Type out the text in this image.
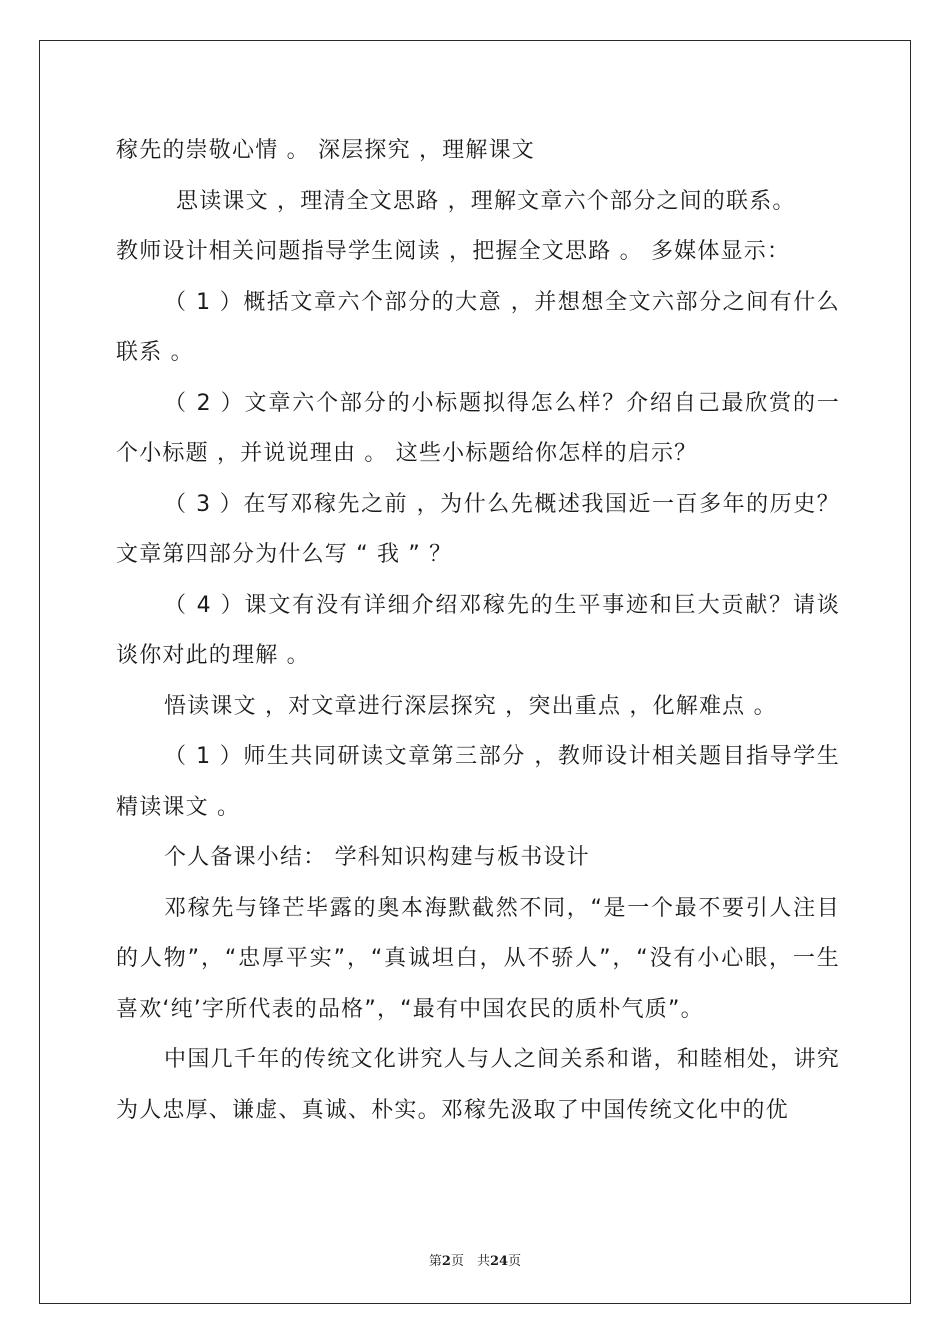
稼先的崇敬心情 。 深层探究 ，理解课文

思读课文 ，理清全文思路 ，理解文章六个部分之间的联系。

教师设计相关问题指导学生阅读 ，把握全文思路 。 多媒体显示：

（ 1 ）概括文章六个部分的大意 ，并想想全文六部分之间有什么联系 。

（ 2 ）文章六个部分的小标题拟得怎么样？介绍自己最欣赏的一个小标题 ，并说说理由 。 这些小标题给你怎样的启示？

（ 3 ）在写邓稼先之前 ，为什么先概述我国近一百多年的历史？文章第四部分为什么写 “ 我 ” ？

（ 4 ）课文有没有详细介绍邓稼先的生平事迹和巨大贡献？请谈谈你对此的理解 。

悟读课文 ，对文章进行深层探究 ，突出重点 ，化解难点 。

（ 1 ）师生共同研读文章第三部分 ，教师设计相关题目指导学生精读课文 。

个人备课小结： 学科知识构建与板书设计

邓稼先与锋芒毕露的奥本海默截然不同，“是一个最不要引人注目的人物”，“忠厚平实”，“真诚坦白，从不骄人”，“没有小心眼，一生喜欢‘纯’字所代表的品格”，“最有中国农民的质朴气质”。

中国几千年的传统文化讲究人与人之间关系和谐，和睦相处，讲究为人忠厚、谦虚、真诚、朴实。邓稼先汲取了中国传统文化中的优

第2页　共24页
